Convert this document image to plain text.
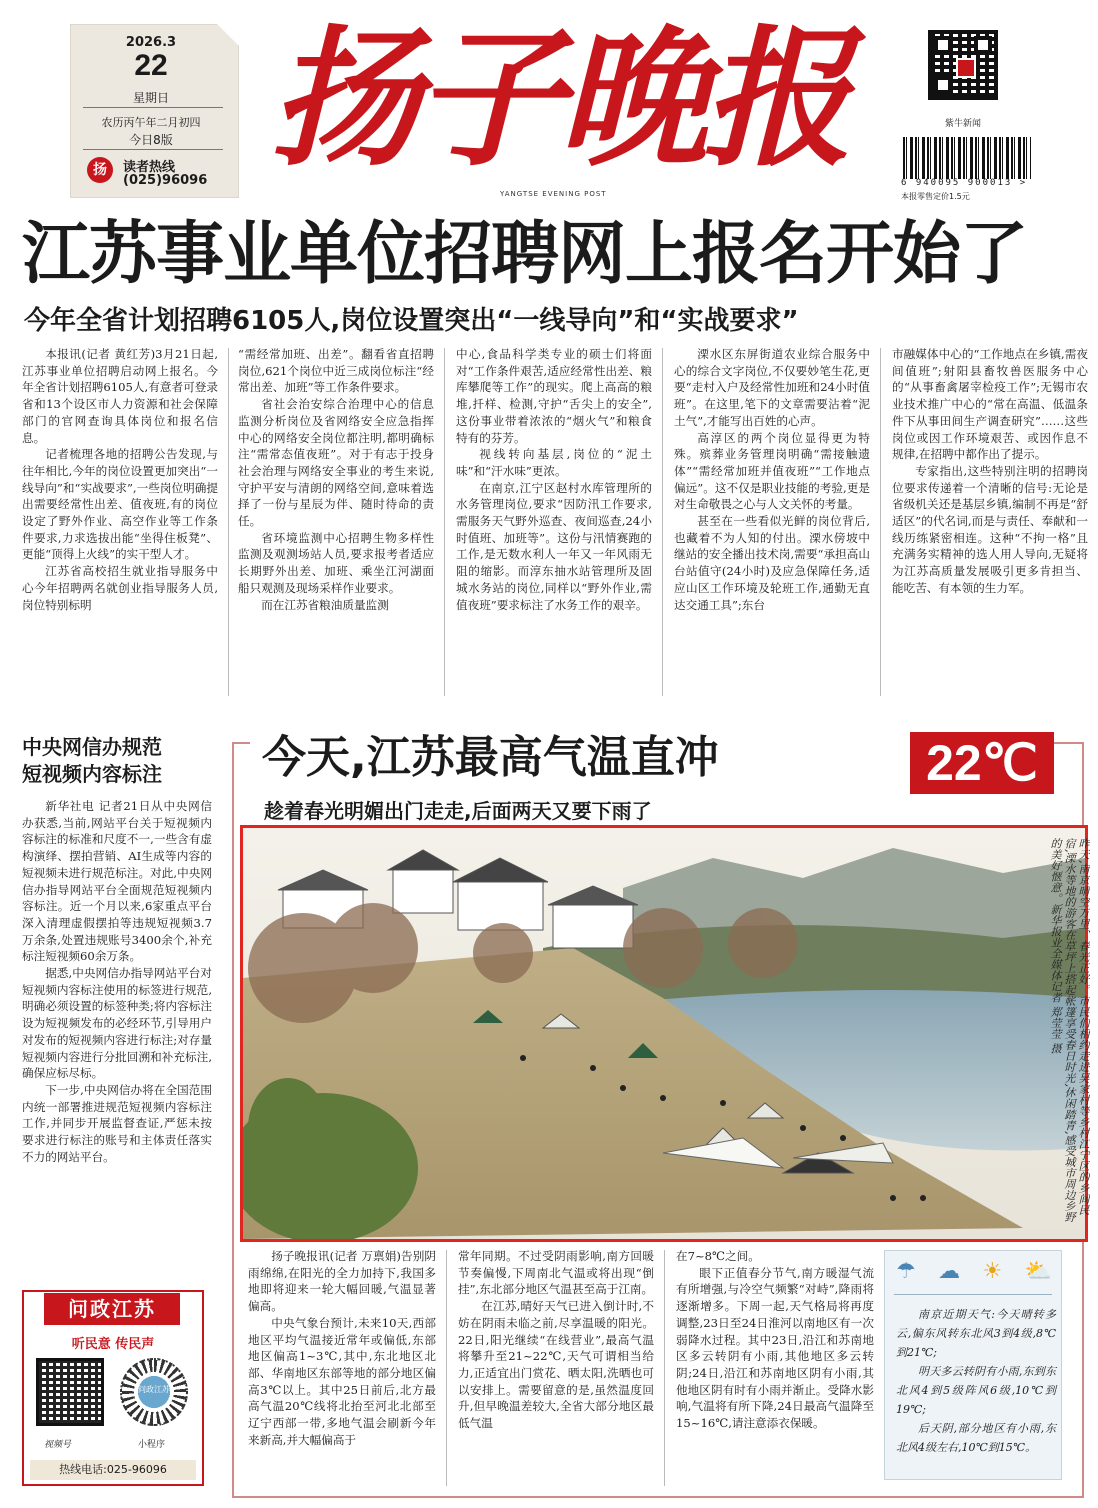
2026.3
22
星期日
农历丙午年二月初四
今日8版
扬	读者热线
(025)96096 扬子晚报
YANGTSE EVENING POST
紫牛新闻
6 940095 900013 >
本报零售定价1.5元
江苏事业单位招聘网上报名开始了
今年全省计划招聘6105人,岗位设置突出“一线导向”和“实战要求”

本报讯(记者 黄红芳)3月21日起,江苏事业单位招聘启动网上报名。今年全省计划招聘6105人,有意者可登录省和13个设区市人力资源和社会保障部门的官网查询具体岗位和报名信息。

记者梳理各地的招聘公告发现,与往年相比,今年的岗位设置更加突出“一线导向”和“实战要求”,一些岗位明确提出需要经常性出差、值夜班,有的岗位设定了野外作业、高空作业等工作条件要求,力求选拔出能“坐得住板凳”、更能“顶得上火线”的实干型人才。

江苏省高校招生就业指导服务中心今年招聘两名就创业指导服务人员,岗位特别标明

“需经常加班、出差”。翻看省直招聘岗位,621个岗位中近三成岗位标注“经常出差、加班”等工作条件要求。

省社会治安综合治理中心的信息监测分析岗位及省网络安全应急指挥中心的网络安全岗位都注明,都明确标注“需常态值夜班”。对于有志于投身社会治理与网络安全事业的考生来说,守护平安与清朗的网络空间,意味着选择了一份与星辰为伴、随时待命的责任。

省环境监测中心招聘生物多样性监测及观测场站人员,要求报考者适应长期野外出差、加班、乘坐江河湖面船只观测及现场采样作业要求。

而在江苏省粮油质量监测

中心,食品科学类专业的硕士们将面对“工作条件艰苦,适应经常性出差、粮库攀爬等工作”的现实。爬上高高的粮堆,扦样、检测,守护“舌尖上的安全”,这份事业带着浓浓的“烟火气”和粮食特有的芬芳。

视线转向基层,岗位的“泥土味”和“汗水味”更浓。

在南京,江宁区赵村水库管理所的水务管理岗位,要求“因防汛工作要求,需服务天气野外巡查、夜间巡查,24小时值班、加班等”。这份与汛情赛跑的工作,是无数水利人一年又一年风雨无阻的缩影。而淳东抽水站管理所及固城水务站的岗位,同样以“野外作业,需值夜班”要求标注了水务工作的艰辛。

溧水区东屏街道农业综合服务中心的综合文字岗位,不仅要妙笔生花,更要“走村入户及经常性加班和24小时值班”。在这里,笔下的文章需要沾着“泥土气”,才能写出百姓的心声。

高淳区的两个岗位显得更为特殊。殡葬业务管理岗明确“需接触遗体”“需经常加班并值夜班”“工作地点偏远”。这不仅是职业技能的考验,更是对生命敬畏之心与人文关怀的考量。

甚至在一些看似光鲜的岗位背后,也藏着不为人知的付出。溧水傍坡中继站的安全播出技术岗,需要“承担高山台站值守(24小时)及应急保障任务,适应山区工作环境及轮班工作,通勤无直达交通工具”;东台

市融媒体中心的“工作地点在乡镇,需夜间值班”;射阳县畜牧兽医服务中心的“从事畜禽屠宰检疫工作”;无锡市农业技术推广中心的“常在高温、低温条件下从事田间生产调查研究”……这些岗位或因工作环境艰苦、或因作息不规律,在招聘中都作出了提示。

专家指出,这些特别注明的招聘岗位要求传递着一个清晰的信号:无论是省级机关还是基层乡镇,编制不再是“舒适区”的代名词,而是与责任、奉献和一线历练紧密相连。这种“不拘一格”且充满务实精神的选人用人导向,无疑将为江苏高质量发展吸引更多肯担当、能吃苦、有本领的生力军。

中央网信办规范
短视频内容标注

新华社电 记者21日从中央网信办获悉,当前,网站平台关于短视频内容标注的标准和尺度不一,一些含有虚构演绎、摆拍营销、AI生成等内容的短视频未进行规范标注。对此,中央网信办指导网站平台全面规范短视频内容标注。近一个月以来,6家重点平台深入清理虚假摆拍等违规短视频3.7万余条,处置违规账号3400余个,补充标注短视频60余万条。

据悉,中央网信办指导网站平台对短视频内容标注使用的标签进行规范,明确必须设置的标签种类;将内容标注设为短视频发布的必经环节,引导用户对发布的短视频内容进行标注;对存量短视频内容进行分批回溯和补充标注,确保应标尽标。

下一步,中央网信办将在全国范围内统一部署推进规范短视频内容标注工作,并同步开展监督查证,严惩未按要求进行标注的账号和主体责任落实不力的网站平台。

问政江苏
听民意 传民声
问政江苏
视频号	小程序
热线电话:025-96096
今天,江苏最高气温直冲	22℃
趁着春光明媚出门走走,后面两天又要下雨了
昨天,南京晴空万里、春光正好。市民们相约走进吴家村等乡村江宁区的乡间民宿,溧水等地的游客在草坪上搭起帐篷享受春日时光,休闲踏青,感受城市周边乡野的美好惬意。新华报业全媒体记者 郑莹莹 摄

扬子晚报讯(记者 万禀娟)告别阴雨绵绵,在阳光的全力加持下,我国多地即将迎来一轮大幅回暖,气温显著偏高。

中央气象台预计,未来10天,西部地区平均气温接近常年或偏低,东部地区偏高1~3℃,其中,东北地区北部、华南地区东部等地的部分地区偏高3℃以上。其中25日前后,北方最高气温20℃线将北抬至河北北部至辽宁西部一带,多地气温会刷新今年来新高,并大幅偏高于

常年同期。不过受阴雨影响,南方回暖节奏偏慢,下周南北气温或将出现“倒挂”,东北部分地区气温甚至高于江南。

在江苏,晴好天气已进入倒计时,不妨在阴雨未临之前,尽享温暖的阳光。22日,阳光继续“在线营业”,最高气温将攀升至21~22℃,天气可谓相当给力,正适宜出门赏花、晒太阳,洗晒也可以安排上。需要留意的是,虽然温度回升,但早晚温差较大,全省大部分地区最低气温

在7~8℃之间。

眼下正值春分节气,南方暖湿气流有所增强,与冷空气频繁“对峙”,降雨将逐渐增多。下周一起,天气格局将再度调整,23日至24日淮河以南地区有一次弱降水过程。其中23日,沿江和苏南地区多云转阴有小雨,其他地区多云转阴;24日,沿江和苏南地区阴有小雨,其他地区阴有时有小雨并渐止。受降水影响,气温将有所下降,24日最高气温降至15~16℃,请注意添衣保暖。

☂ ☁ ☀ ⛅

南京近期天气:今天晴转多云,偏东风转东北风3到4级,8℃到21℃;

明天多云转阴有小雨,东到东北风4到5级阵风6级,10℃到19℃;

后天阴,部分地区有小雨,东北风4级左右,10℃到15℃。
